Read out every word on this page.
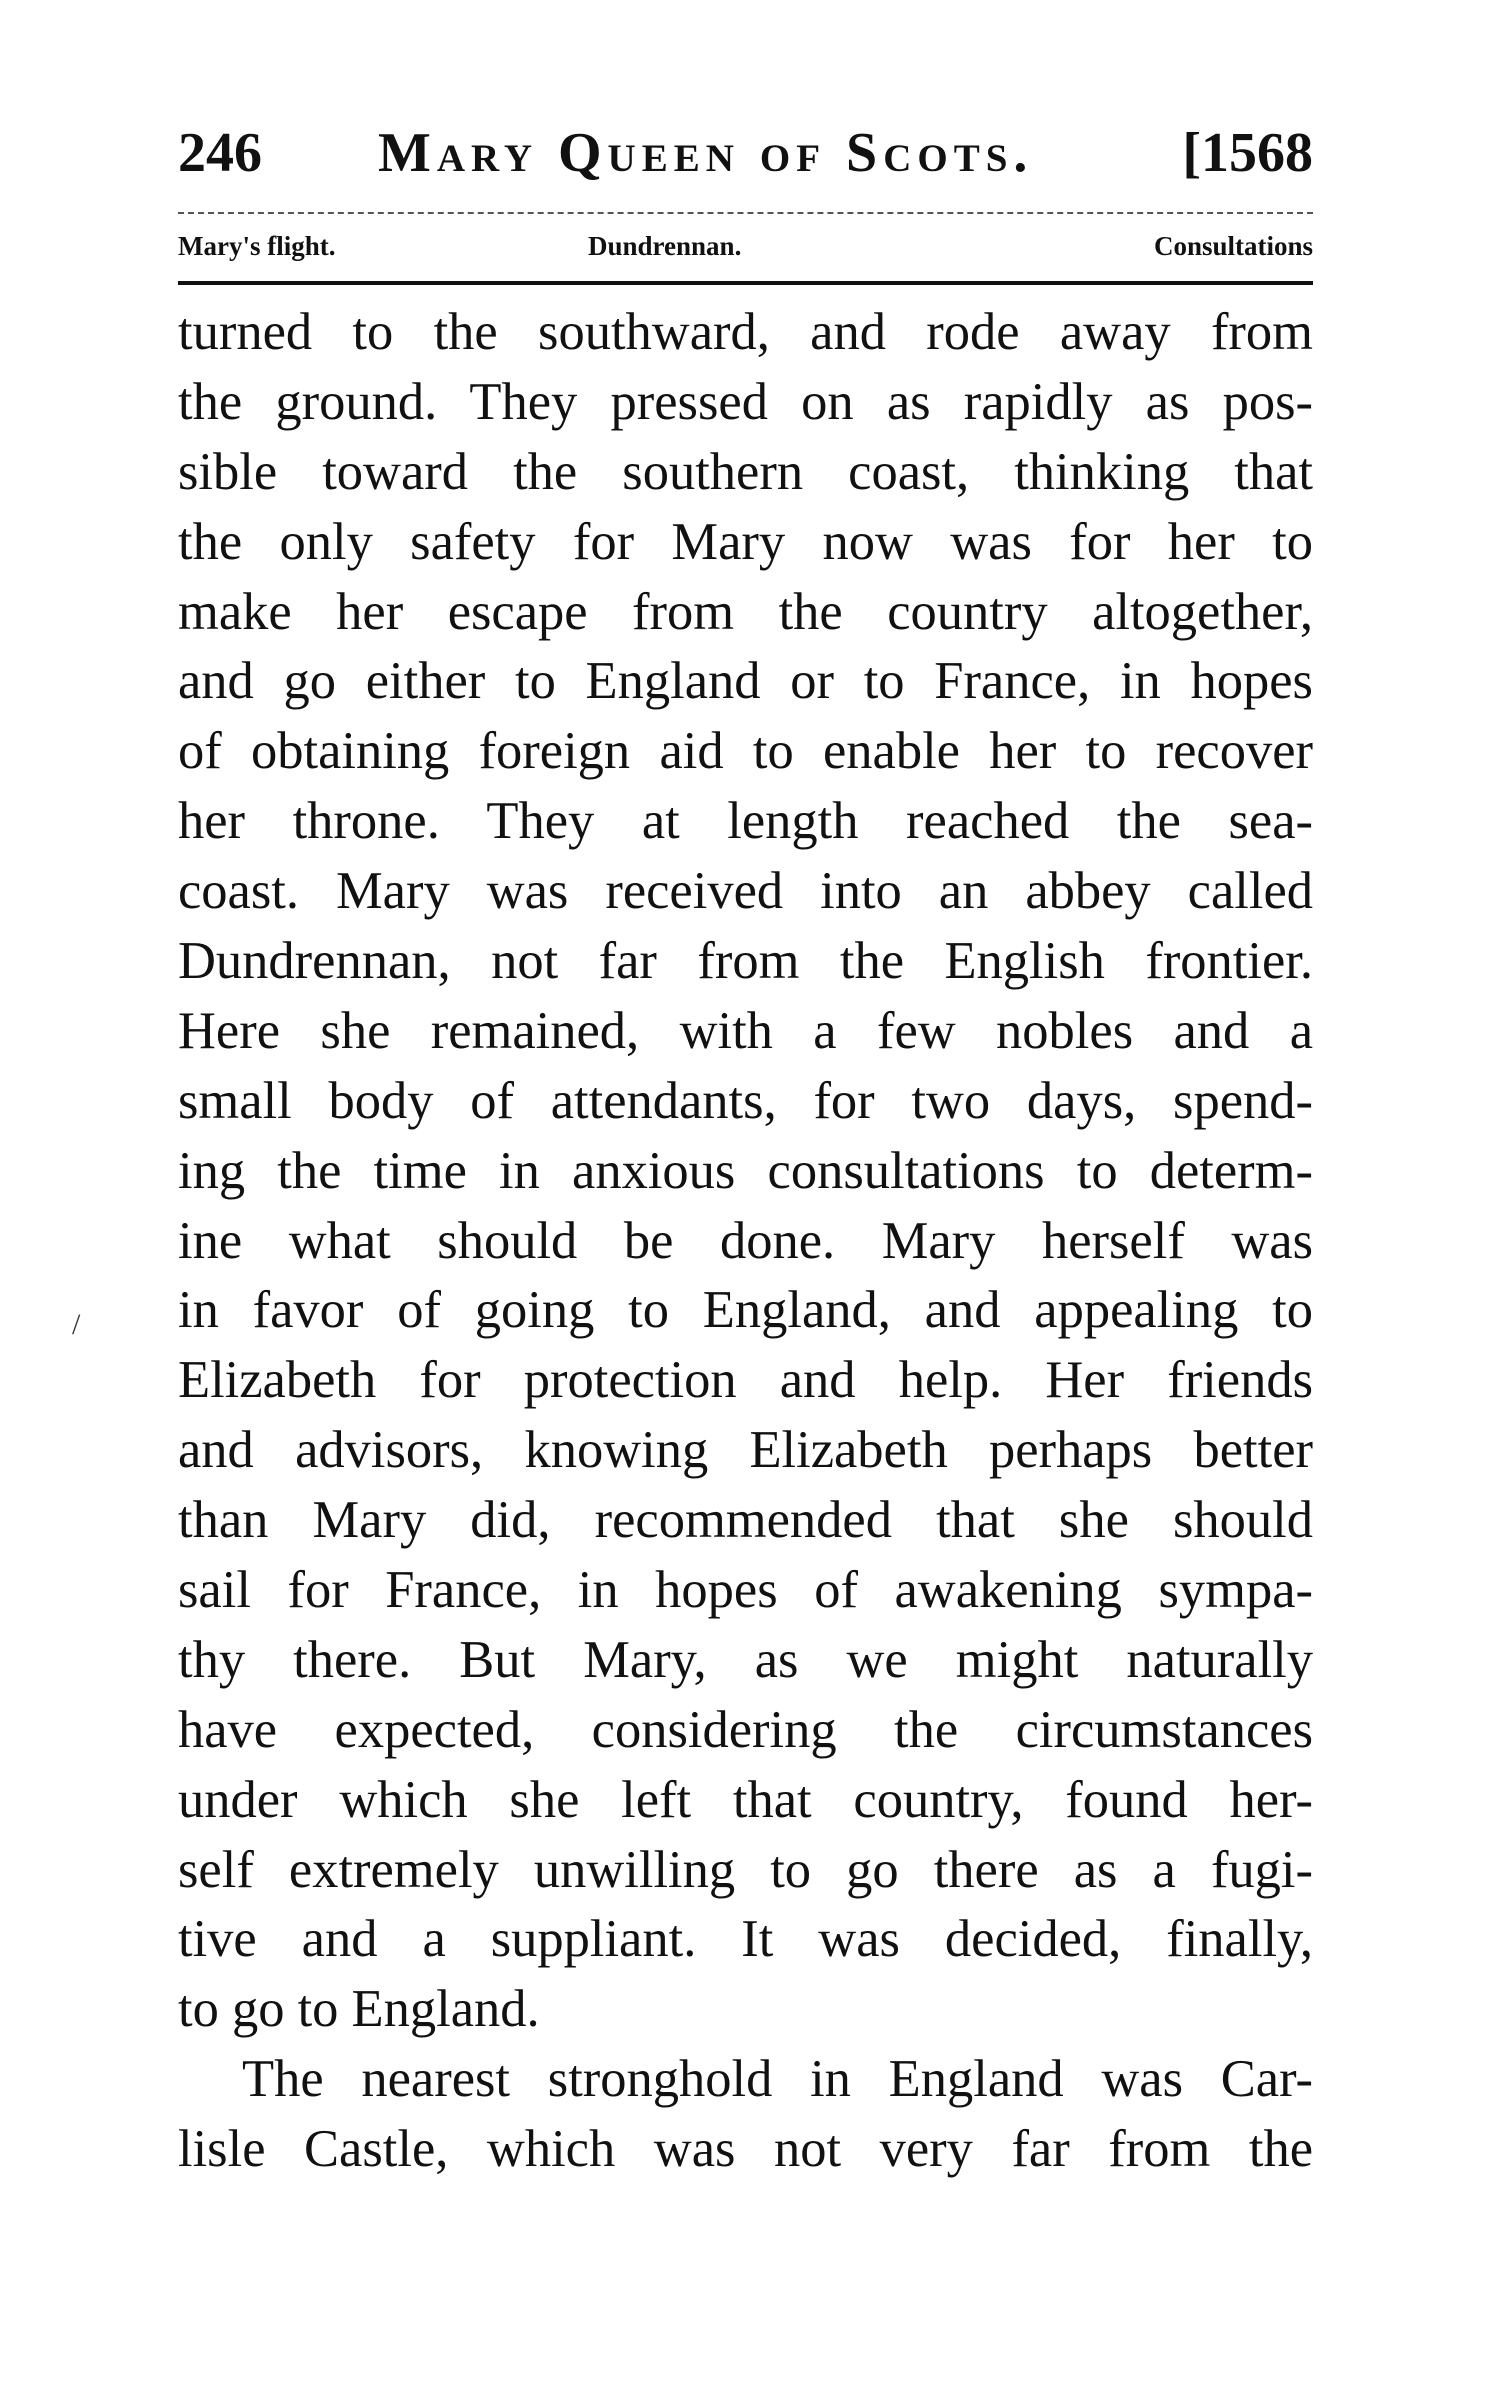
246 Mary Queen of Scots.	[1568
Mary's flight.	Dundrennan.	Consultations
turned to the southward, and rode away from
the ground. They pressed on as rapidly as pos-
sible toward the southern coast, thinking that
the only safety for Mary now was for her to
make her escape from the country altogether,
and go either to England or to France, in hopes
of obtaining foreign aid to enable her to recover
her throne. They at length reached the sea-
coast. Mary was received into an abbey called
Dundrennan, not far from the English frontier.
Here she remained, with a few nobles and a
small body of attendants, for two days, spend-
ing the time in anxious consultations to determ-
ine what should be done. Mary herself was
in favor of going to England, and appealing to
Elizabeth for protection and help. Her friends
and advisors, knowing Elizabeth perhaps better
than Mary did, recommended that she should
sail for France, in hopes of awakening sympa-
thy there. But Mary, as we might naturally
have expected, considering the circumstances
under which she left that country, found her-
self extremely unwilling to go there as a fugi-
tive and a suppliant. It was decided, finally,
to go to England.
The nearest stronghold in England was Car-
lisle Castle, which was not very far from the
/
